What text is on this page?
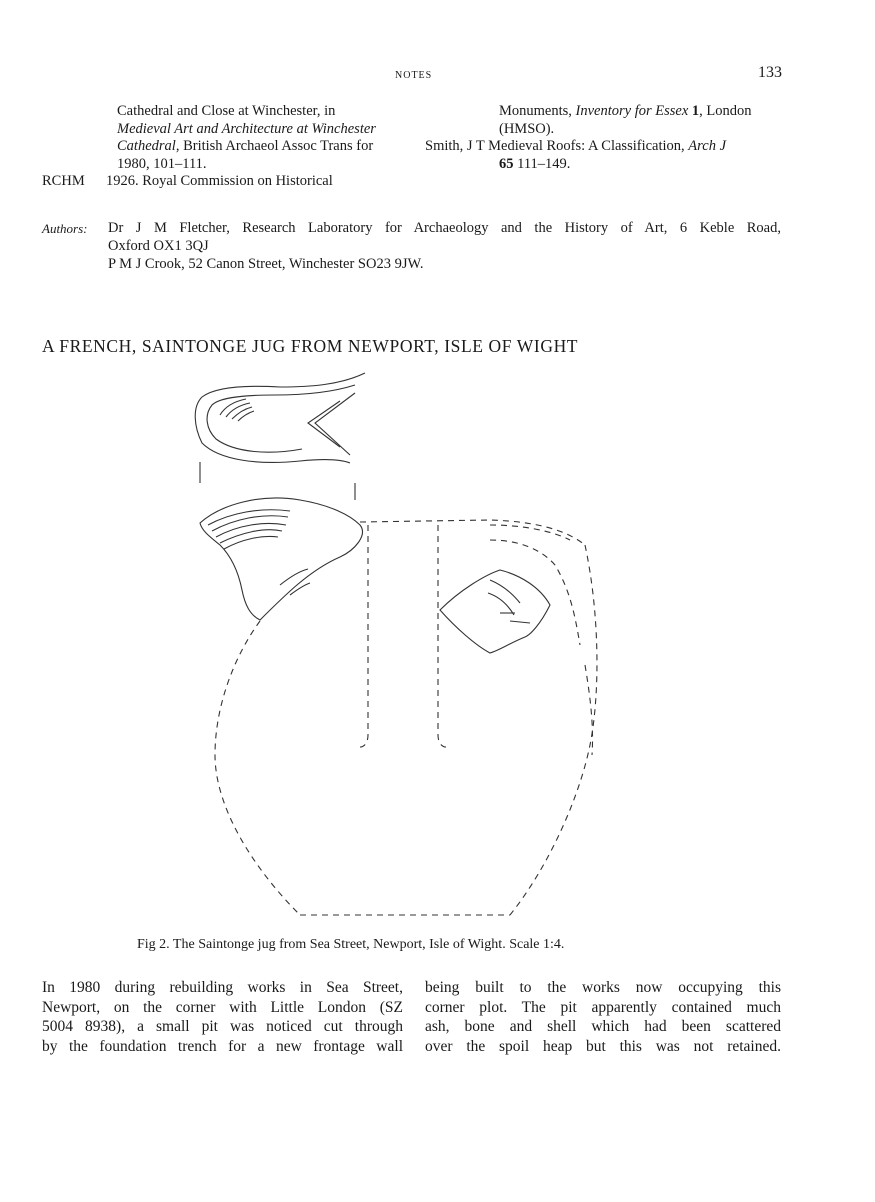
NOTES	133
Cathedral and Close at Winchester, in
Medieval Art and Architecture at Winchester
Cathedral, British Archaeol Assoc Trans for
1980, 101–111.
RCHM 1926. Royal Commission on Historical
Monuments, Inventory for Essex 1, London
(HMSO).
Smith, J T Medieval Roofs: A Classification, Arch J
65 111–149.
Authors: Dr J M Fletcher, Research Laboratory for Archaeology and the History of Art, 6 Keble Road,
Oxford OX1 3QJ
P M J Crook, 52 Canon Street, Winchester SO23 9JW.
A FRENCH, SAINTONGE JUG FROM NEWPORT, ISLE OF WIGHT
Fig 2. The Saintonge jug from Sea Street, Newport, Isle of Wight. Scale 1:4.
In 1980 during rebuilding works in Sea Street,
Newport, on the corner with Little London (SZ
5004 8938), a small pit was noticed cut through
by the foundation trench for a new frontage wall
being built to the works now occupying this
corner plot. The pit apparently contained much
ash, bone and shell which had been scattered
over the spoil heap but this was not retained.
